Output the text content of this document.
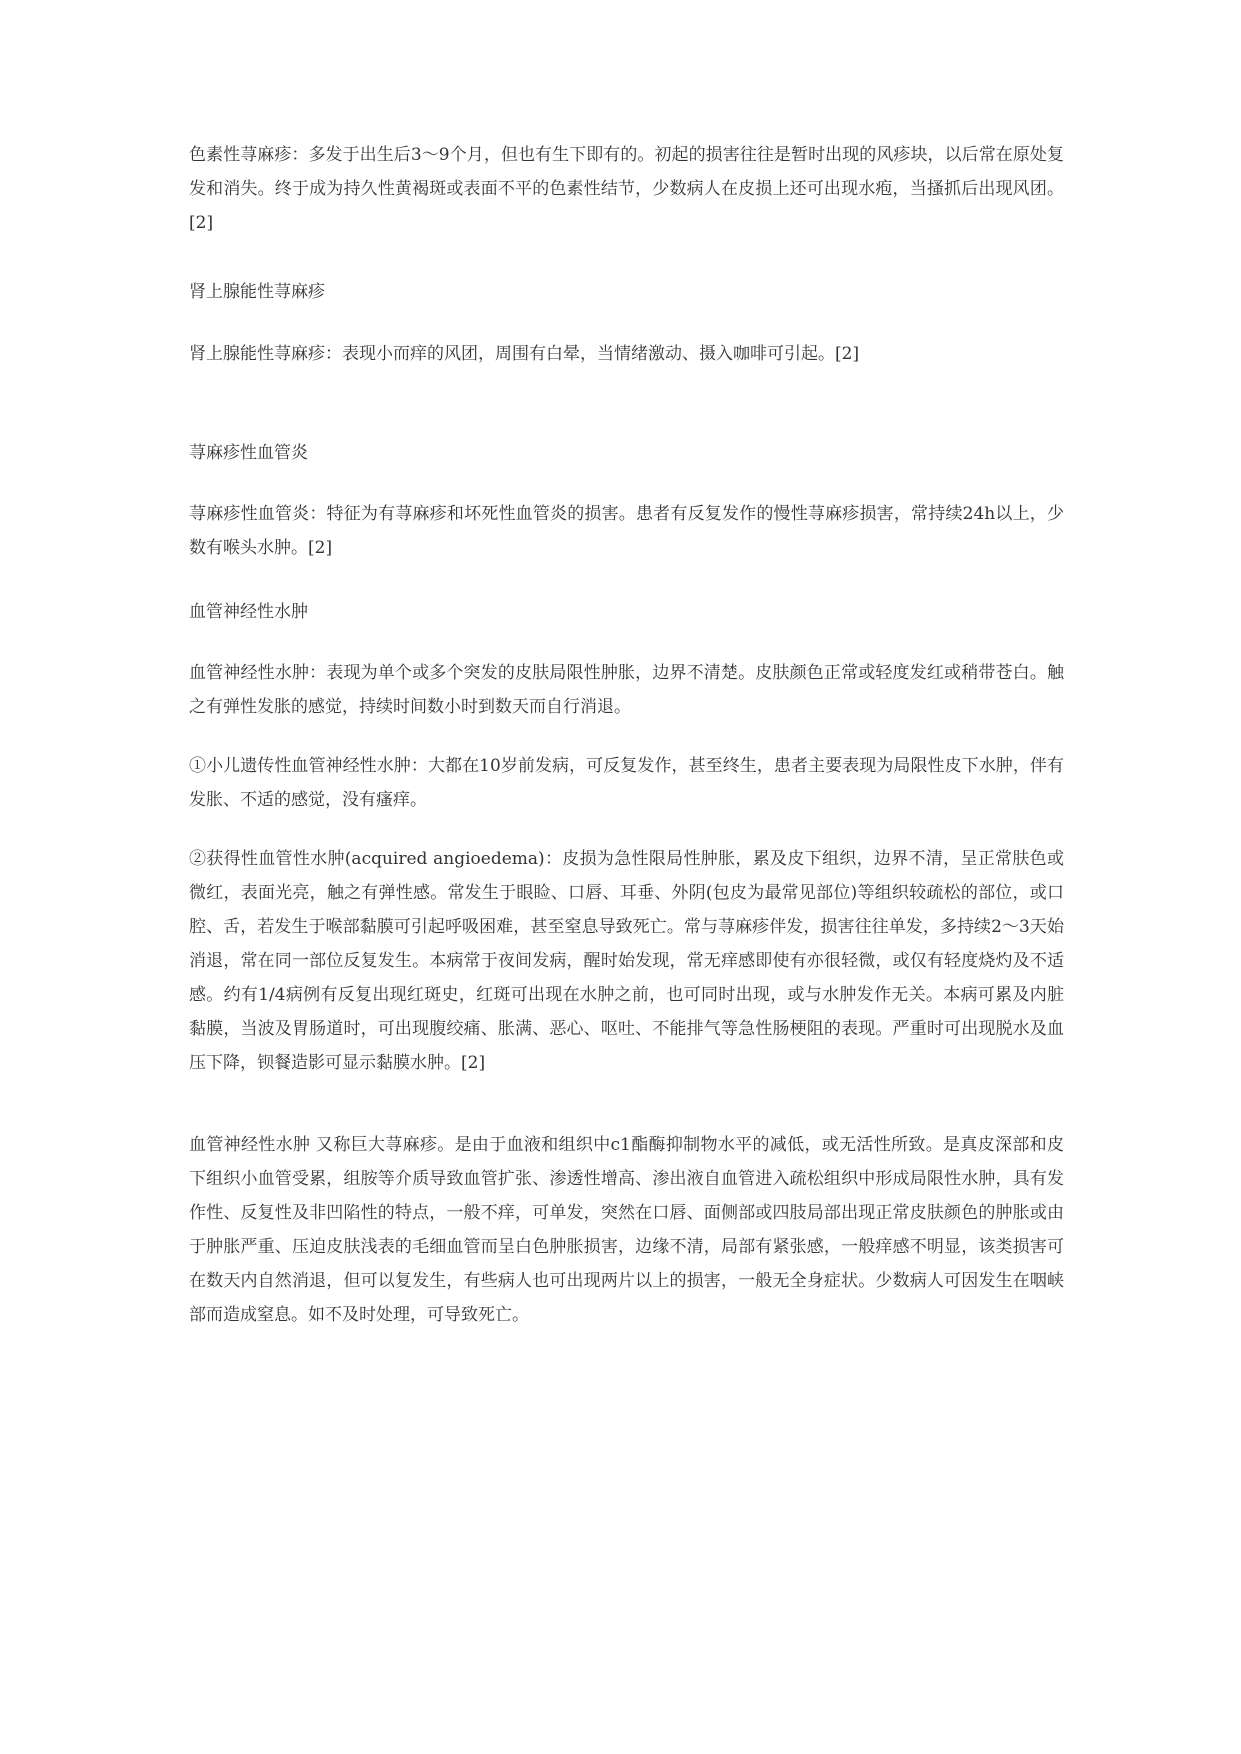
色素性荨麻疹：多发于出生后3～9个月，但也有生下即有的。初起的损害往往是暂时出现的风疹块，以后常在原处复发和消失。终于成为持久性黄褐斑或表面不平的色素性结节，少数病人在皮损上还可出现水疱，当搔抓后出现风团。[2]

肾上腺能性荨麻疹

肾上腺能性荨麻疹：表现小而痒的风团，周围有白晕，当情绪激动、摄入咖啡可引起。[2]

荨麻疹性血管炎

荨麻疹性血管炎：特征为有荨麻疹和坏死性血管炎的损害。患者有反复发作的慢性荨麻疹损害，常持续24h以上，少数有喉头水肿。[2]

血管神经性水肿

血管神经性水肿：表现为单个或多个突发的皮肤局限性肿胀，边界不清楚。皮肤颜色正常或轻度发红或稍带苍白。触之有弹性发胀的感觉，持续时间数小时到数天而自行消退。

①小儿遗传性血管神经性水肿：大都在10岁前发病，可反复发作，甚至终生，患者主要表现为局限性皮下水肿，伴有发胀、不适的感觉，没有瘙痒。

②获得性血管性水肿(acquired angioedema)：皮损为急性限局性肿胀，累及皮下组织，边界不清，呈正常肤色或微红，表面光亮，触之有弹性感。常发生于眼睑、口唇、耳垂、外阴(包皮为最常见部位)等组织较疏松的部位，或口腔、舌，若发生于喉部黏膜可引起呼吸困难，甚至窒息导致死亡。常与荨麻疹伴发，损害往往单发，多持续2～3天始消退，常在同一部位反复发生。本病常于夜间发病，醒时始发现，常无痒感即使有亦很轻微，或仅有轻度烧灼及不适感。约有1/4病例有反复出现红斑史，红斑可出现在水肿之前，也可同时出现，或与水肿发作无关。本病可累及内脏黏膜，当波及胃肠道时，可出现腹绞痛、胀满、恶心、呕吐、不能排气等急性肠梗阻的表现。严重时可出现脱水及血压下降，钡餐造影可显示黏膜水肿。[2]

血管神经性水肿 又称巨大荨麻疹。是由于血液和组织中c1酯酶抑制物水平的减低，或无活性所致。是真皮深部和皮下组织小血管受累，组胺等介质导致血管扩张、渗透性增高、渗出液自血管进入疏松组织中形成局限性水肿，具有发作性、反复性及非凹陷性的特点，一般不痒，可单发，突然在口唇、面侧部或四肢局部出现正常皮肤颜色的肿胀或由于肿胀严重、压迫皮肤浅表的毛细血管而呈白色肿胀损害，边缘不清，局部有紧张感，一般痒感不明显，该类损害可在数天内自然消退，但可以复发生，有些病人也可出现两片以上的损害，一般无全身症状。少数病人可因发生在咽峡部而造成窒息。如不及时处理，可导致死亡。
